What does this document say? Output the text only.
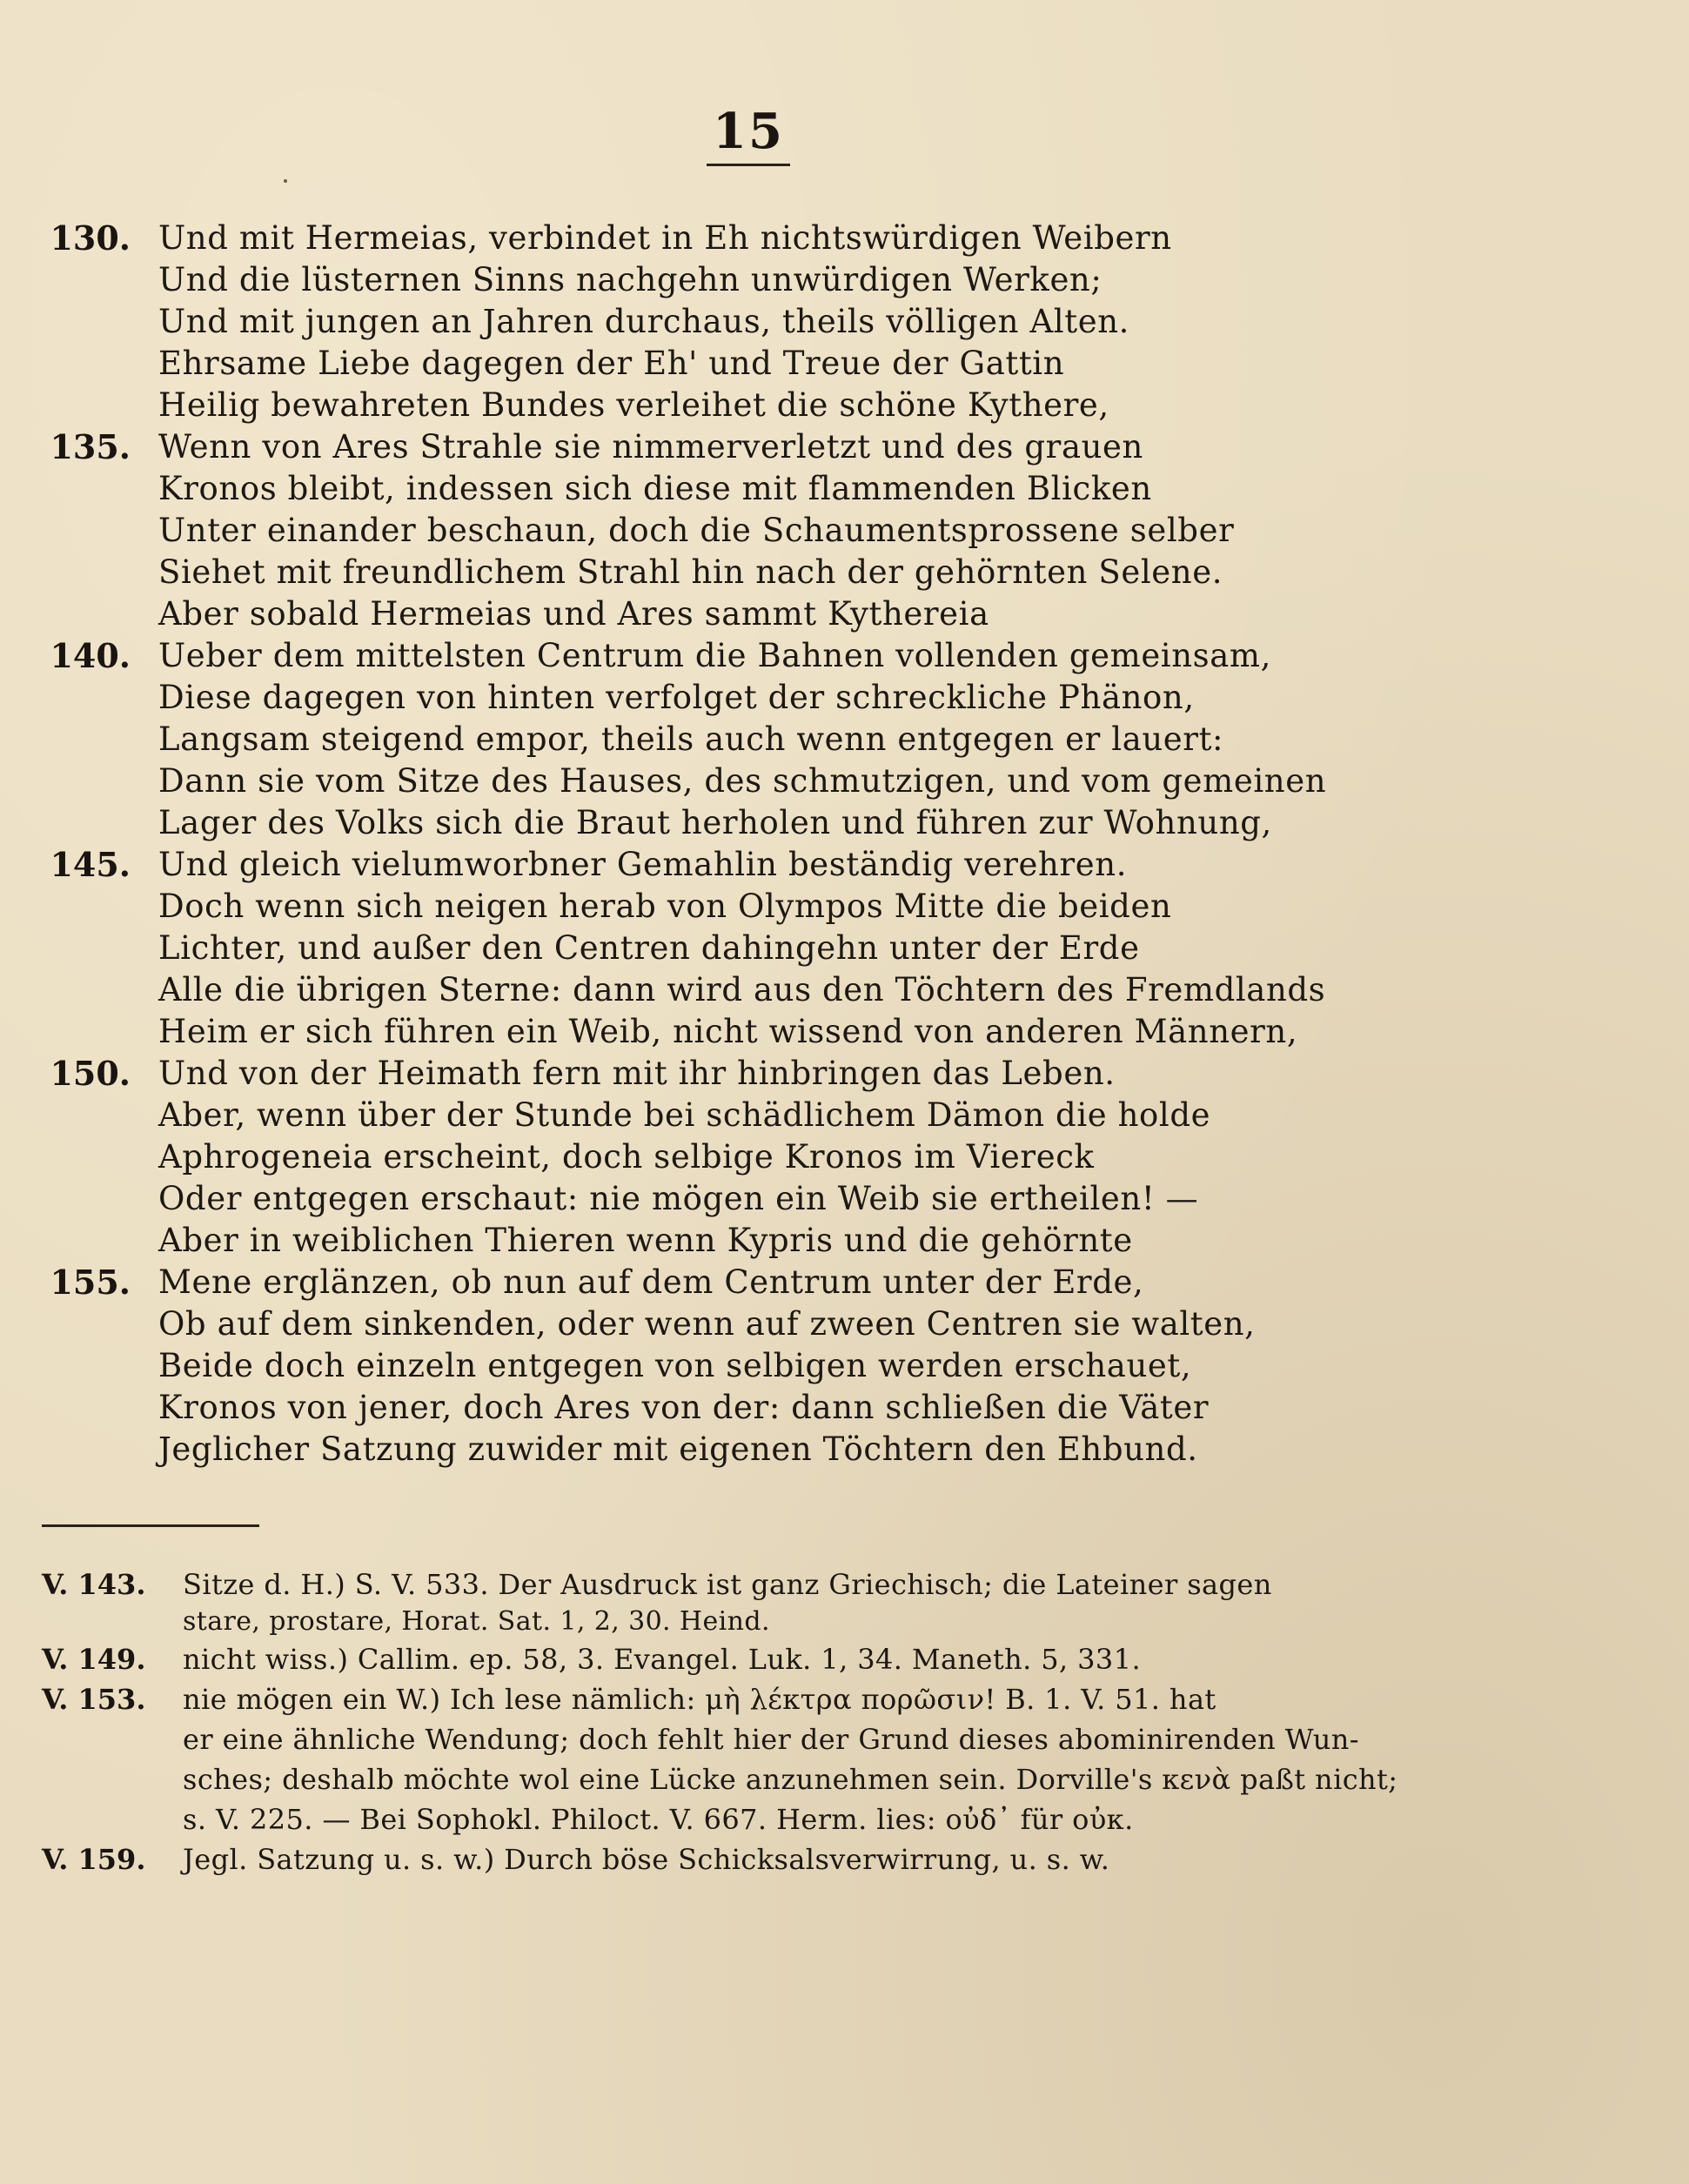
15
130. Und mit Hermeias, verbindet in Eh nichtswürdigen Weibern
Und die lüsternen Sinns nachgehn unwürdigen Werken;
Und mit jungen an Jahren durchaus, theils völligen Alten.
Ehrsame Liebe dagegen der Eh' und Treue der Gattin
Heilig bewahreten Bundes verleihet die schöne Kythere,
135. Wenn von Ares Strahle sie nimmerverletzt und des grauen
Kronos bleibt, indessen sich diese mit flammenden Blicken
Unter einander beschaun, doch die Schaumentsprossene selber
Siehet mit freundlichem Strahl hin nach der gehörnten Selene.
Aber sobald Hermeias und Ares sammt Kythereia
140. Ueber dem mittelsten Centrum die Bahnen vollenden gemeinsam,
Diese dagegen von hinten verfolget der schreckliche Phänon,
Langsam steigend empor, theils auch wenn entgegen er lauert:
Dann sie vom Sitze des Hauses, des schmutzigen, und vom gemeinen
Lager des Volks sich die Braut herholen und führen zur Wohnung,
145. Und gleich vielumworbner Gemahlin beständig verehren.
Doch wenn sich neigen herab von Olympos Mitte die beiden
Lichter, und außer den Centren dahingehn unter der Erde
Alle die übrigen Sterne: dann wird aus den Töchtern des Fremdlands
Heim er sich führen ein Weib, nicht wissend von anderen Männern,
150. Und von der Heimath fern mit ihr hinbringen das Leben.
Aber, wenn über der Stunde bei schädlichem Dämon die holde
Aphrogeneia erscheint, doch selbige Kronos im Viereck
Oder entgegen erschaut: nie mögen ein Weib sie ertheilen! —
Aber in weiblichen Thieren wenn Kypris und die gehörnte
155. Mene erglänzen, ob nun auf dem Centrum unter der Erde,
Ob auf dem sinkenden, oder wenn auf zween Centren sie walten,
Beide doch einzeln entgegen von selbigen werden erschauet,
Kronos von jener, doch Ares von der: dann schließen die Väter
Jeglicher Satzung zuwider mit eigenen Töchtern den Ehbund.
V. 143.	Sitze d. H.) S. V. 533. Der Ausdruck ist ganz Griechisch; die Lateiner sagen
stare, prostare, Horat. Sat. 1, 2, 30. Heind.
V. 149.	nicht wiss.) Callim. ep. 58, 3. Evangel. Luk. 1, 34. Maneth. 5, 331.
V. 153.	nie mögen ein W.) Ich lese nämlich: μὴ λέκτρα πορῶσιν! B. 1. V. 51. hat
er eine ähnliche Wendung; doch fehlt hier der Grund dieses abominirenden Wun-
sches; deshalb möchte wol eine Lücke anzunehmen sein. Dorville's κενὰ paßt nicht;
s. V. 225. — Bei Sophokl. Philoct. V. 667. Herm. lies: οὐδ᾽ für οὐκ.
V. 159.	Jegl. Satzung u. s. w.) Durch böse Schicksalsverwirrung, u. s. w.
